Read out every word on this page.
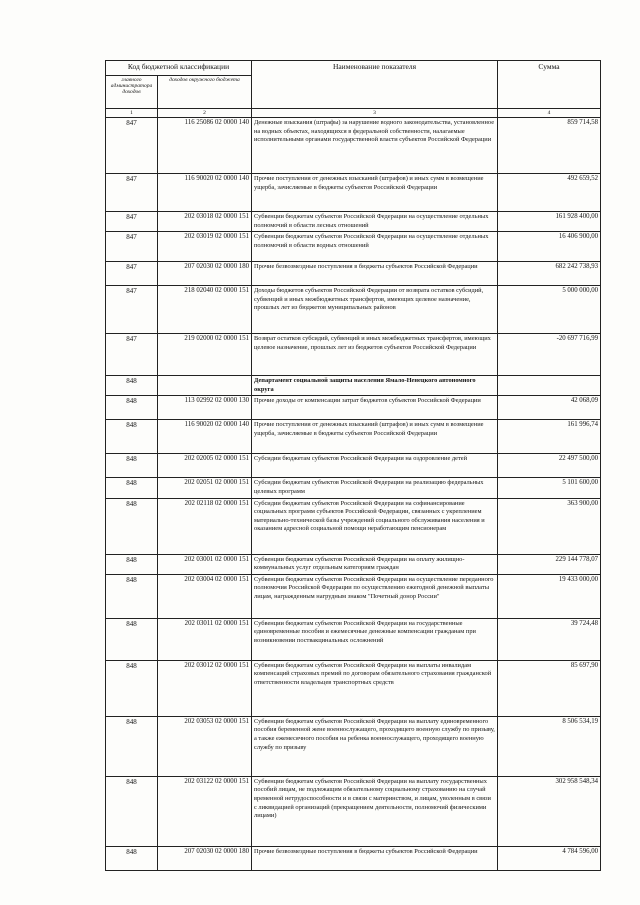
Код бюджетной классификации		Наименование показателя	Сумма
главного администратора доходов	доходов окружного бюджета		
1	2	3	4
847	116 25086 02 0000 140	Денежные взыскания (штрафы) за нарушение водного законодательства, установленное на водных объектах, находящихся в федеральной собственности, налагаемые исполнительными органами государственной власти субъектов Российской Федерации	859 714,58
847	116 90020 02 0000 140	Прочие поступления от денежных взысканий (штрафов) и иных сумм в возмещение ущерба, зачисляемые в бюджеты субъектов Российской Федерации	492 659,52
847	202 03018 02 0000 151	Субвенции бюджетам субъектов Российской Федерации на осуществление отдельных полномочий в области лесных отношений	161 928 400,00
847	202 03019 02 0000 151	Субвенции бюджетам субъектов Российской Федерации на осуществление отдельных полномочий в области водных отношений	16 406 900,00
847	207 02030 02 0000 180	Прочие безвозмездные поступления в бюджеты субъектов Российской Федерации	682 242 738,93
847	218 02040 02 0000 151	Доходы бюджетов субъектов Российской Федерации от возврата остатков субсидий, субвенций и иных межбюджетных трансфертов, имеющих целевое назначение, прошлых лет из бюджетов муниципальных районов	5 000 000,00
847	219 02000 02 0000 151	Возврат остатков субсидий, субвенций и иных межбюджетных трансфертов, имеющих целевое назначение, прошлых лет из бюджетов субъектов Российской Федерации	-20 697 716,99
848		Департамент социальной защиты населения Ямало-Ненецкого автономного округа	
848	113 02992 02 0000 130	Прочие доходы от компенсации затрат бюджетов субъектов Российской Федерации	42 068,09
848	116 90020 02 0000 140	Прочие поступления от денежных взысканий (штрафов) и иных сумм в возмещение ущерба, зачисляемые в бюджеты субъектов Российской Федерации	161 996,74
848	202 02005 02 0000 151	Субсидии бюджетам субъектов Российской Федерации на оздоровление детей	22 497 500,00
848	202 02051 02 0000 151	Субсидии бюджетам субъектов Российской Федерации на реализацию федеральных целевых программ	5 101 600,00
848	202 02118 02 0000 151	Субсидии бюджетам субъектов Российской Федерации на софинансирование социальных программ субъектов Российской Федерации, связанных с укреплением материально-технической базы учреждений социального обслуживания населения и оказанием адресной социальной помощи неработающим пенсионерам	363 900,00
848	202 03001 02 0000 151	Субвенции бюджетам субъектов Российской Федерации на оплату жилищно-коммунальных услуг отдельным категориям граждан	229 144 778,07
848	202 03004 02 0000 151	Субвенции бюджетам субъектов Российской Федерации на осуществление переданного полномочия Российской Федерации по осуществлению ежегодной денежной выплаты лицам, награжденным нагрудным знаком "Почетный донор России"	19 433 000,00
848	202 03011 02 0000 151	Субвенции бюджетам субъектов Российской Федерации на государственные единовременные пособия и ежемесячные денежные компенсации гражданам при возникновении поствакцинальных осложнений	39 724,48
848	202 03012 02 0000 151	Субвенции бюджетам субъектов Российской Федерации на выплаты инвалидам компенсаций страховых премий по договорам обязательного страхования гражданской ответственности владельцев транспортных средств	85 697,90
848	202 03053 02 0000 151	Субвенции бюджетам субъектов Российской Федерации на выплату единовременного пособия беременной жене военнослужащего, проходящего военную службу по призыву, а также ежемесячного пособия на ребенка военнослужащего, проходящего военную службу по призыву	8 506 534,19
848	202 03122 02 0000 151	Субвенции бюджетам субъектов Российской Федерации на выплату государственных пособий лицам, не подлежащим обязательному социальному страхованию на случай временной нетрудоспособности и в связи с материнством, и лицам, уволенным в связи с ликвидацией организаций (прекращением деятельности, полномочий физическими лицами)	302 958 548,34
848	207 02030 02 0000 180	Прочие безвозмездные поступления в бюджеты субъектов Российской Федерации	4 784 596,00
